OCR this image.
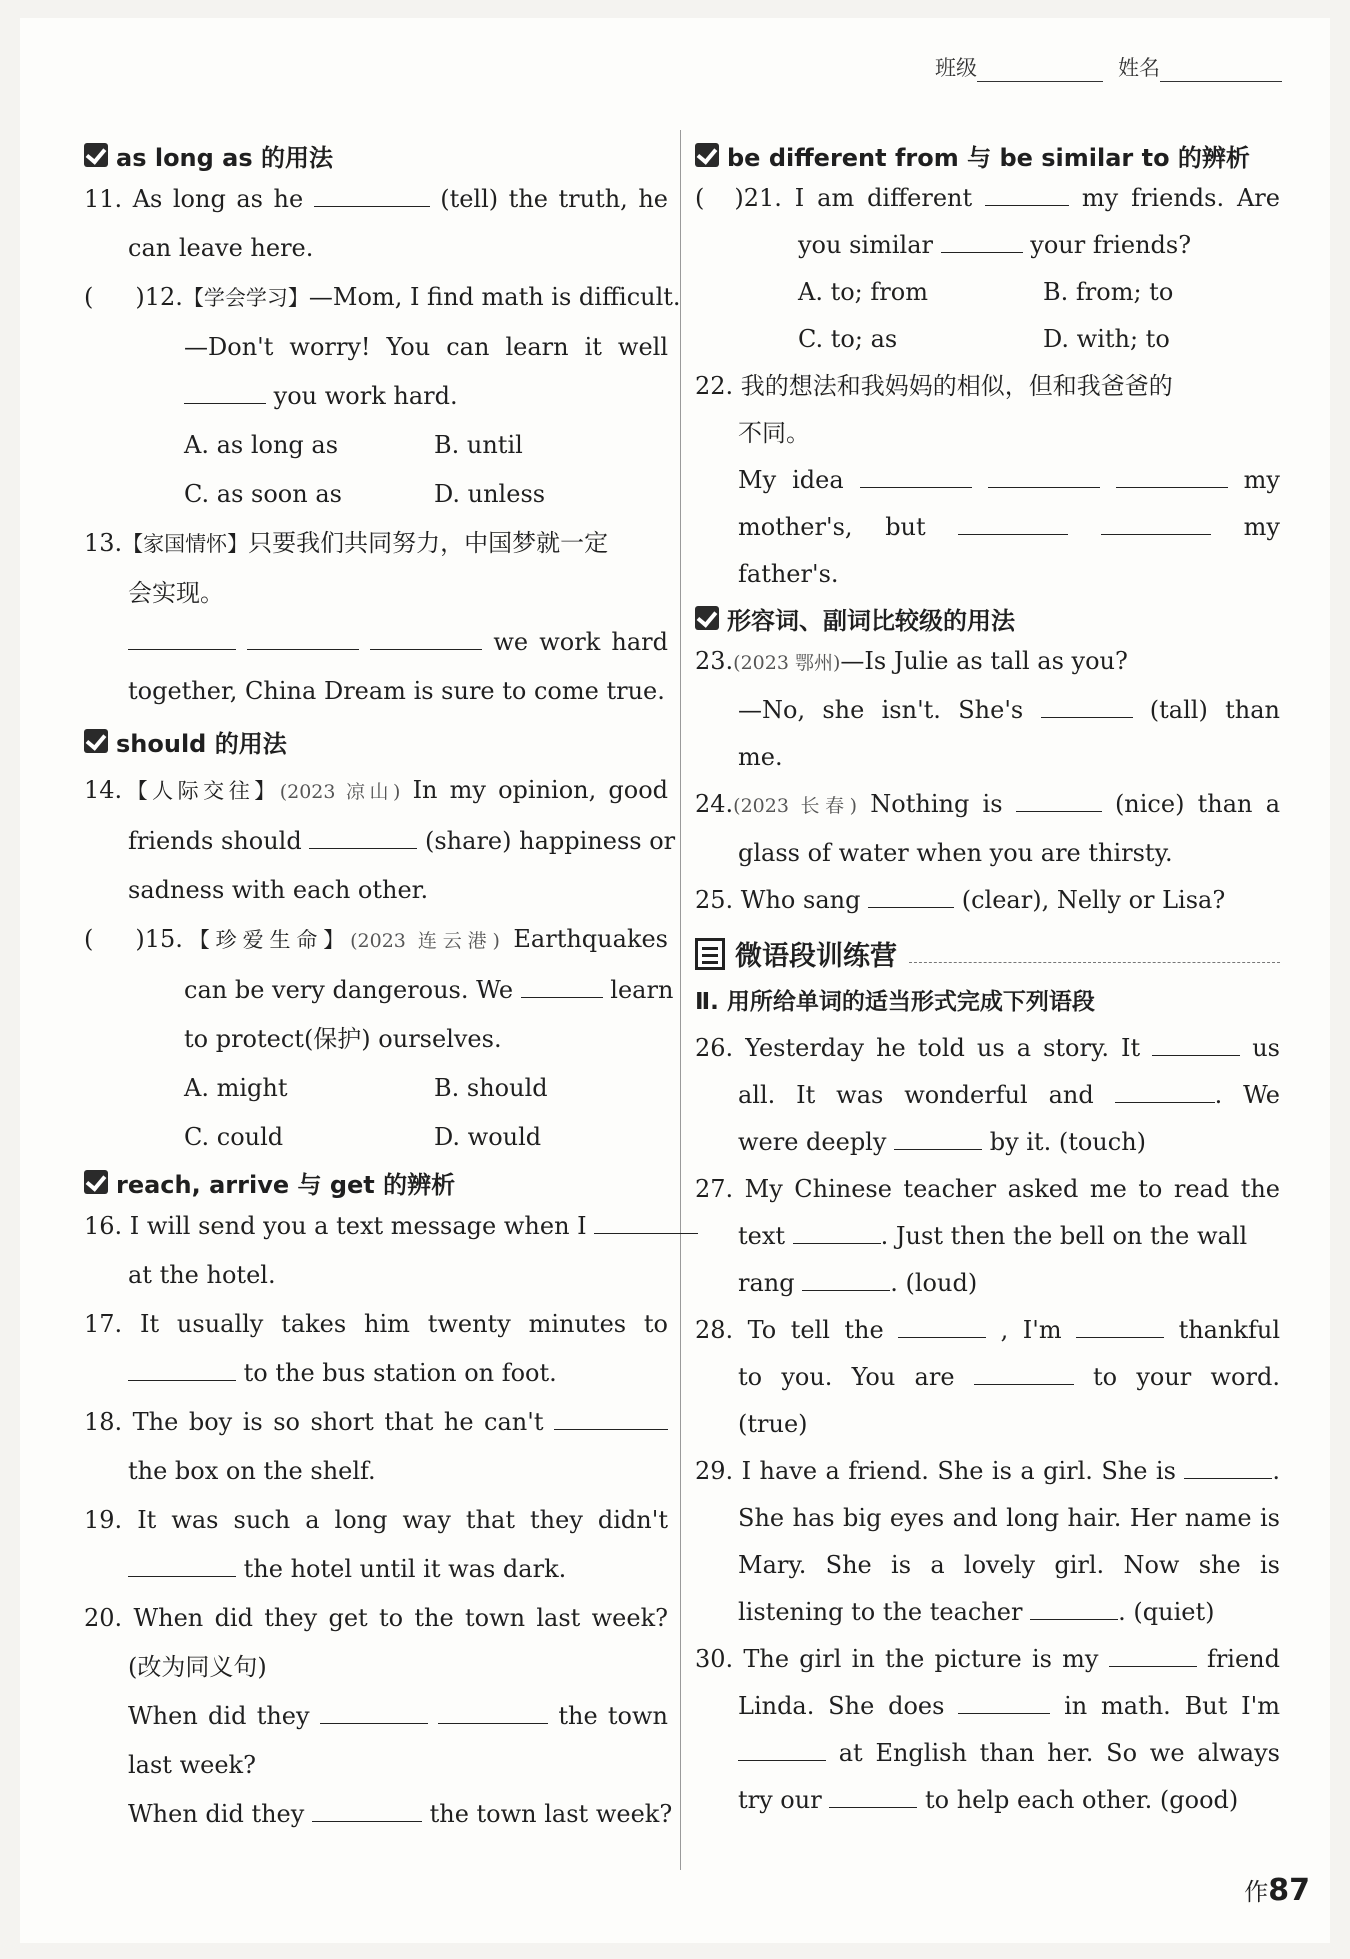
班级	姓名
as long as 的用法
11. As long as he	(tell) the truth, he
can leave here.
( )12.【学会学习】—Mom, I find math is difficult.
—Don't worry! You can learn it well
you work hard.
A. as long as	B. until
C. as soon as	D. unless
13.【家国情怀】只要我们共同努力，中国梦就一定
会实现。
we work hard
together, China Dream is sure to come true.
should 的用法
14.【人际交往】(2023 凉山) In my opinion, good
friends should	(share) happiness or
sadness with each other.
( )15.【珍爱生命】(2023 连云港) Earthquakes
can be very dangerous. We	learn
to protect(保护) ourselves.
A. might	B. should
C. could	D. would
reach, arrive 与 get 的辨析
16. I will send you a text message when I
at the hotel.
17. It usually takes him twenty minutes to
to the bus station on foot.
18. The boy is so short that he can't
the box on the shelf.
19. It was such a long way that they didn't
the hotel until it was dark.
20. When did they get to the town last week?
(改为同义句)
When did they	the town
last week?
When did they	the town last week?
be different from 与 be similar to 的辨析
( )21. I am different	my friends. Are
you similar	your friends?
A. to; from	B. from; to
C. to; as	D. with; to
22. 我的想法和我妈妈的相似，但和我爸爸的
不同。
My idea	my
mother's, but	my
father's.
形容词、副词比较级的用法
23.(2023 鄂州)—Is Julie as tall as you?
—No, she isn't. She's	(tall) than
me.
24.(2023 长春) Nothing is	(nice) than a
glass of water when you are thirsty.
25. Who sang	(clear), Nelly or Lisa?
微语段训练营
Ⅱ. 用所给单词的适当形式完成下列语段
26. Yesterday he told us a story. It	us
all. It was wonderful and	. We
were deeply	by it. (touch)
27. My Chinese teacher asked me to read the
text	. Just then the bell on the wall
rang	. (loud)
28. To tell the	, I'm	thankful
to you. You are	to your word.
(true)
29. I have a friend. She is a girl. She is	.
She has big eyes and long hair. Her name is
Mary. She is a lovely girl. Now she is
listening to the teacher	. (quiet)
30. The girl in the picture is my	friend
Linda. She does	in math. But I'm
at English than her. So we always
try our	to help each other. (good)
作87
